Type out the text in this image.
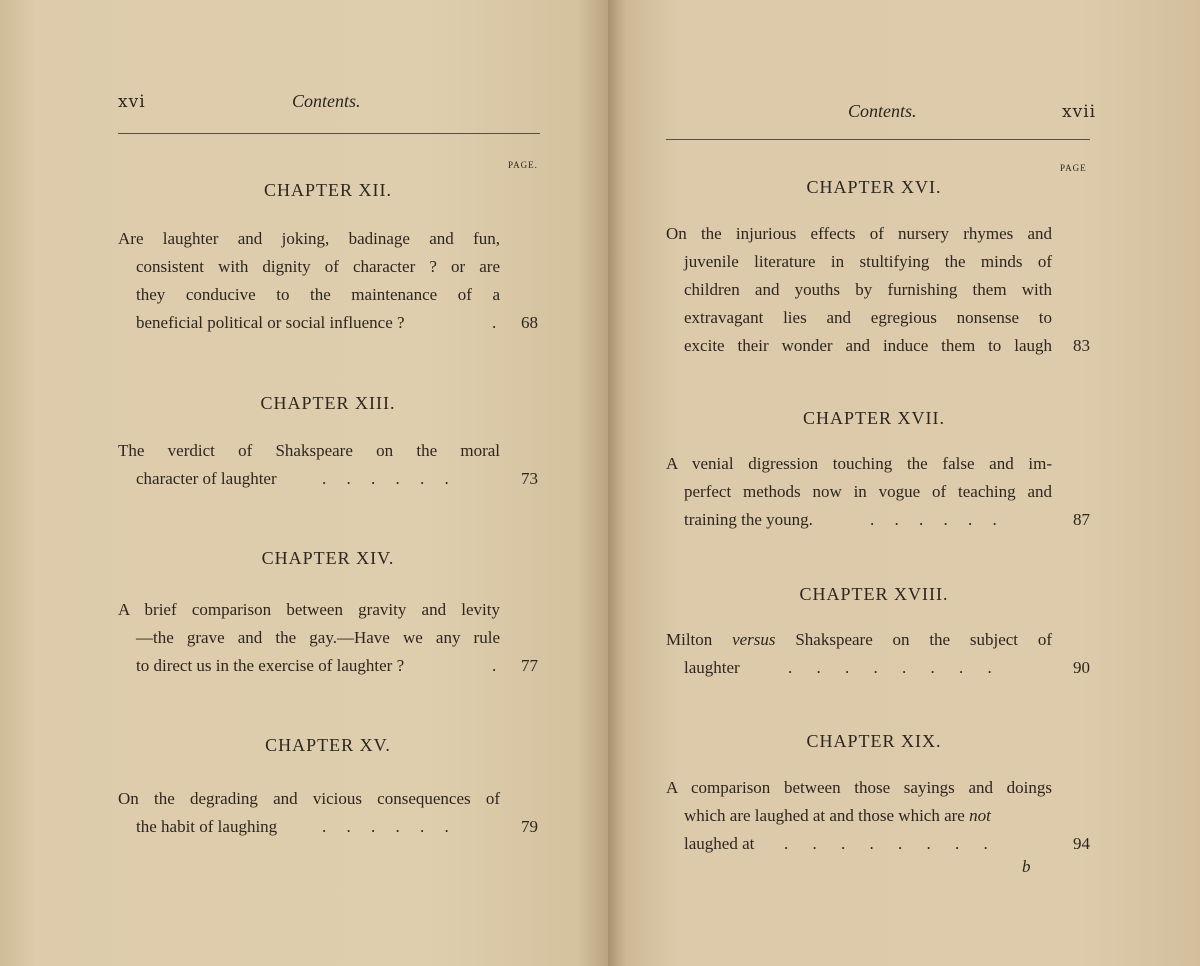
xvi	Contents.
PAGE.
CHAPTER XII.
Are laughter and joking, badinage and fun,
consistent with dignity of character ? or are
they conducive to the maintenance of a
beneficial political or social influence ?	. 68
CHAPTER XIII.
The verdict of Shakspeare on the moral
character of laughter	. . . . . .	73
CHAPTER XIV.
A brief comparison between gravity and levity
—the grave and the gay.—Have we any rule
to direct us in the exercise of laughter ?	. 77
CHAPTER XV.
On the degrading and vicious consequences of
the habit of laughing	. . . . . .	79
Contents.	xvii
PAGE
CHAPTER XVI.
On the injurious effects of nursery rhymes and
juvenile literature in stultifying the minds of
children and youths by furnishing them with
extravagant lies and egregious nonsense to
excite their wonder and induce them to laugh 83
CHAPTER XVII.
A venial digression touching the false and im-
perfect methods now in vogue of teaching and
training the young.	. . . . . .	87
CHAPTER XVIII.
Milton versus Shakspeare on the subject of
laughter	. . . . . . . .	90
CHAPTER XIX.
A comparison between those sayings and doings
which are laughed at and those which are not
laughed at . . . . . . . .	94
b
